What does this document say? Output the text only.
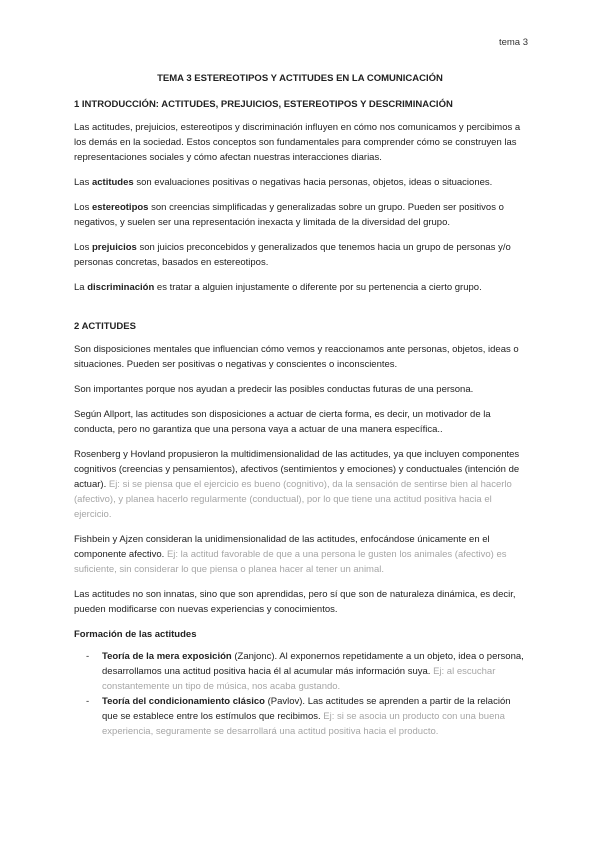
tema 3
TEMA 3 ESTEREOTIPOS Y ACTITUDES EN LA COMUNICACIÓN
1 INTRODUCCIÓN: ACTITUDES, PREJUICIOS, ESTEREOTIPOS Y DESCRIMINACIÓN

Las actitudes, prejuicios, estereotipos y discriminación influyen en cómo nos comunicamos y percibimos a los demás en la sociedad. Estos conceptos son fundamentales para comprender cómo se construyen las representaciones sociales y cómo afectan nuestras interacciones diarias.

Las actitudes son evaluaciones positivas o negativas hacia personas, objetos, ideas o situaciones.

Los estereotipos son creencias simplificadas y generalizadas sobre un grupo. Pueden ser positivos o negativos, y suelen ser una representación inexacta y limitada de la diversidad del grupo.

Los prejuicios son juicios preconcebidos y generalizados que tenemos hacia un grupo de personas y/o personas concretas, basados en estereotipos.

La discriminación es tratar a alguien injustamente o diferente por su pertenencia a cierto grupo.

2 ACTITUDES

Son disposiciones mentales que influencian cómo vemos y reaccionamos ante personas, objetos, ideas o situaciones. Pueden ser positivas o negativas y conscientes o inconscientes.

Son importantes porque nos ayudan a predecir las posibles conductas futuras de una persona.

Según Allport, las actitudes son disposiciones a actuar de cierta forma, es decir, un motivador de la conducta, pero no garantiza que una persona vaya a actuar de una manera específica..

Rosenberg y Hovland propusieron la multidimensionalidad de las actitudes, ya que incluyen componentes cognitivos (creencias y pensamientos), afectivos (sentimientos y emociones) y conductuales (intención de actuar). Ej: si se piensa que el ejercicio es bueno (cognitivo), da la sensación de sentirse bien al hacerlo (afectivo), y planea hacerlo regularmente (conductual), por lo que tiene una actitud positiva hacia el ejercicio.

Fishbein y Ajzen consideran la unidimensionalidad de las actitudes, enfocándose únicamente en el componente afectivo. Ej: la actitud favorable de que a una persona le gusten los animales (afectivo) es suficiente, sin considerar lo que piensa o planea hacer al tener un animal.

Las actitudes no son innatas, sino que son aprendidas, pero sí que son de naturaleza dinámica, es decir, pueden modificarse con nuevas experiencias y conocimientos.

Formación de las actitudes
- Teoría de la mera exposición (Zanjonc). Al exponernos repetidamente a un objeto, idea o persona, desarrollamos una actitud positiva hacia él al acumular más información suya. Ej: al escuchar constantemente un tipo de música, nos acaba gustando.
- Teoría del condicionamiento clásico (Pavlov). Las actitudes se aprenden a partir de la relación que se establece entre los estímulos que recibimos. Ej: si se asocia un producto con una buena experiencia, seguramente se desarrollará una actitud positiva hacia el producto.
